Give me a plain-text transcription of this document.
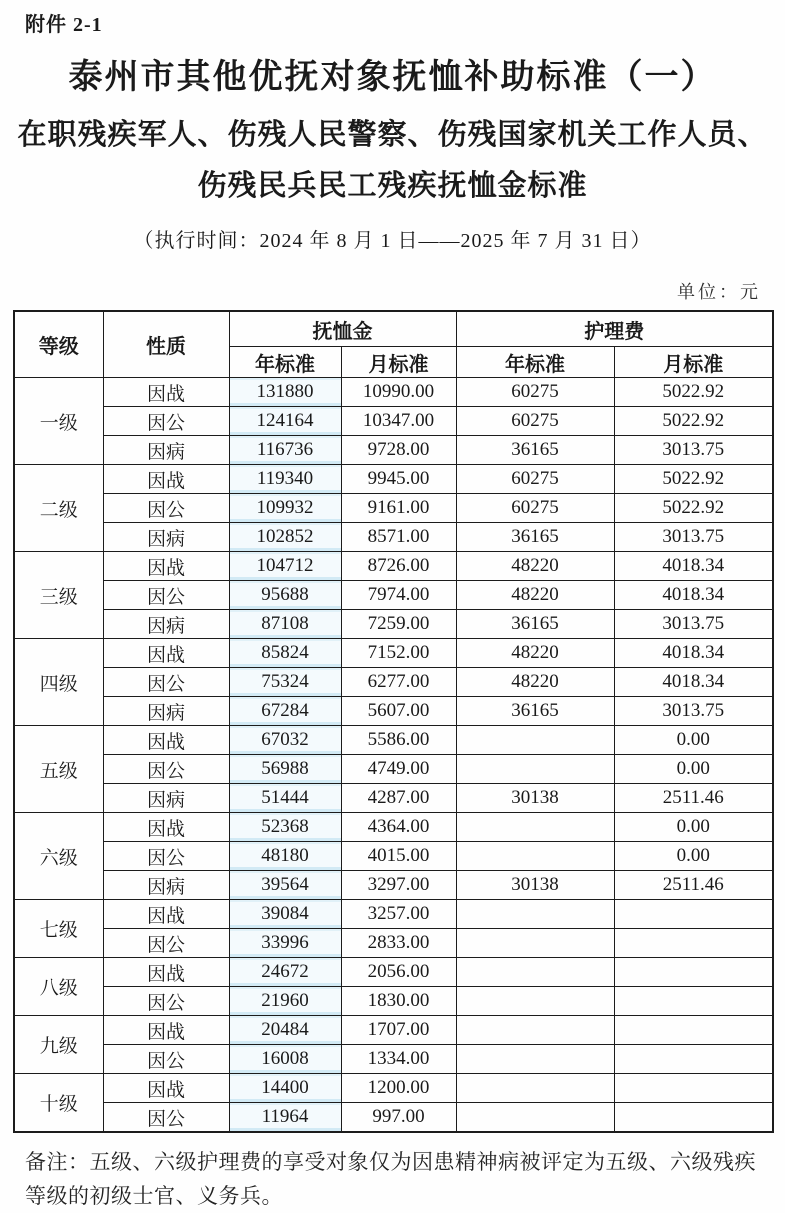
附件 2-1
泰州市其他优抚对象抚恤补助标准（一）
在职残疾军人、伤残人民警察、伤残国家机关工作人员、
伤残民兵民工残疾抚恤金标准
（执行时间：2024 年 8 月 1 日——2025 年 7 月 31 日）
单位：元
等级	性质	抚恤金		护理费	
		年标准	月标准	年标准	月标准
一级	因战	131880	10990.00	60275	5022.92
	因公	124164	10347.00	60275	5022.92
	因病	116736	9728.00	36165	3013.75
二级	因战	119340	9945.00	60275	5022.92
	因公	109932	9161.00	60275	5022.92
	因病	102852	8571.00	36165	3013.75
三级	因战	104712	8726.00	48220	4018.34
	因公	95688	7974.00	48220	4018.34
	因病	87108	7259.00	36165	3013.75
四级	因战	85824	7152.00	48220	4018.34
	因公	75324	6277.00	48220	4018.34
	因病	67284	5607.00	36165	3013.75
五级	因战	67032	5586.00		0.00
	因公	56988	4749.00		0.00
	因病	51444	4287.00	30138	2511.46
六级	因战	52368	4364.00		0.00
	因公	48180	4015.00		0.00
	因病	39564	3297.00	30138	2511.46
七级	因战	39084	3257.00		
	因公	33996	2833.00		
八级	因战	24672	2056.00		
	因公	21960	1830.00		
九级	因战	20484	1707.00		
	因公	16008	1334.00		
十级	因战	14400	1200.00		
	因公	11964	997.00		
备注：五级、六级护理费的享受对象仅为因患精神病被评定为五级、六级残疾
等级的初级士官、义务兵。
